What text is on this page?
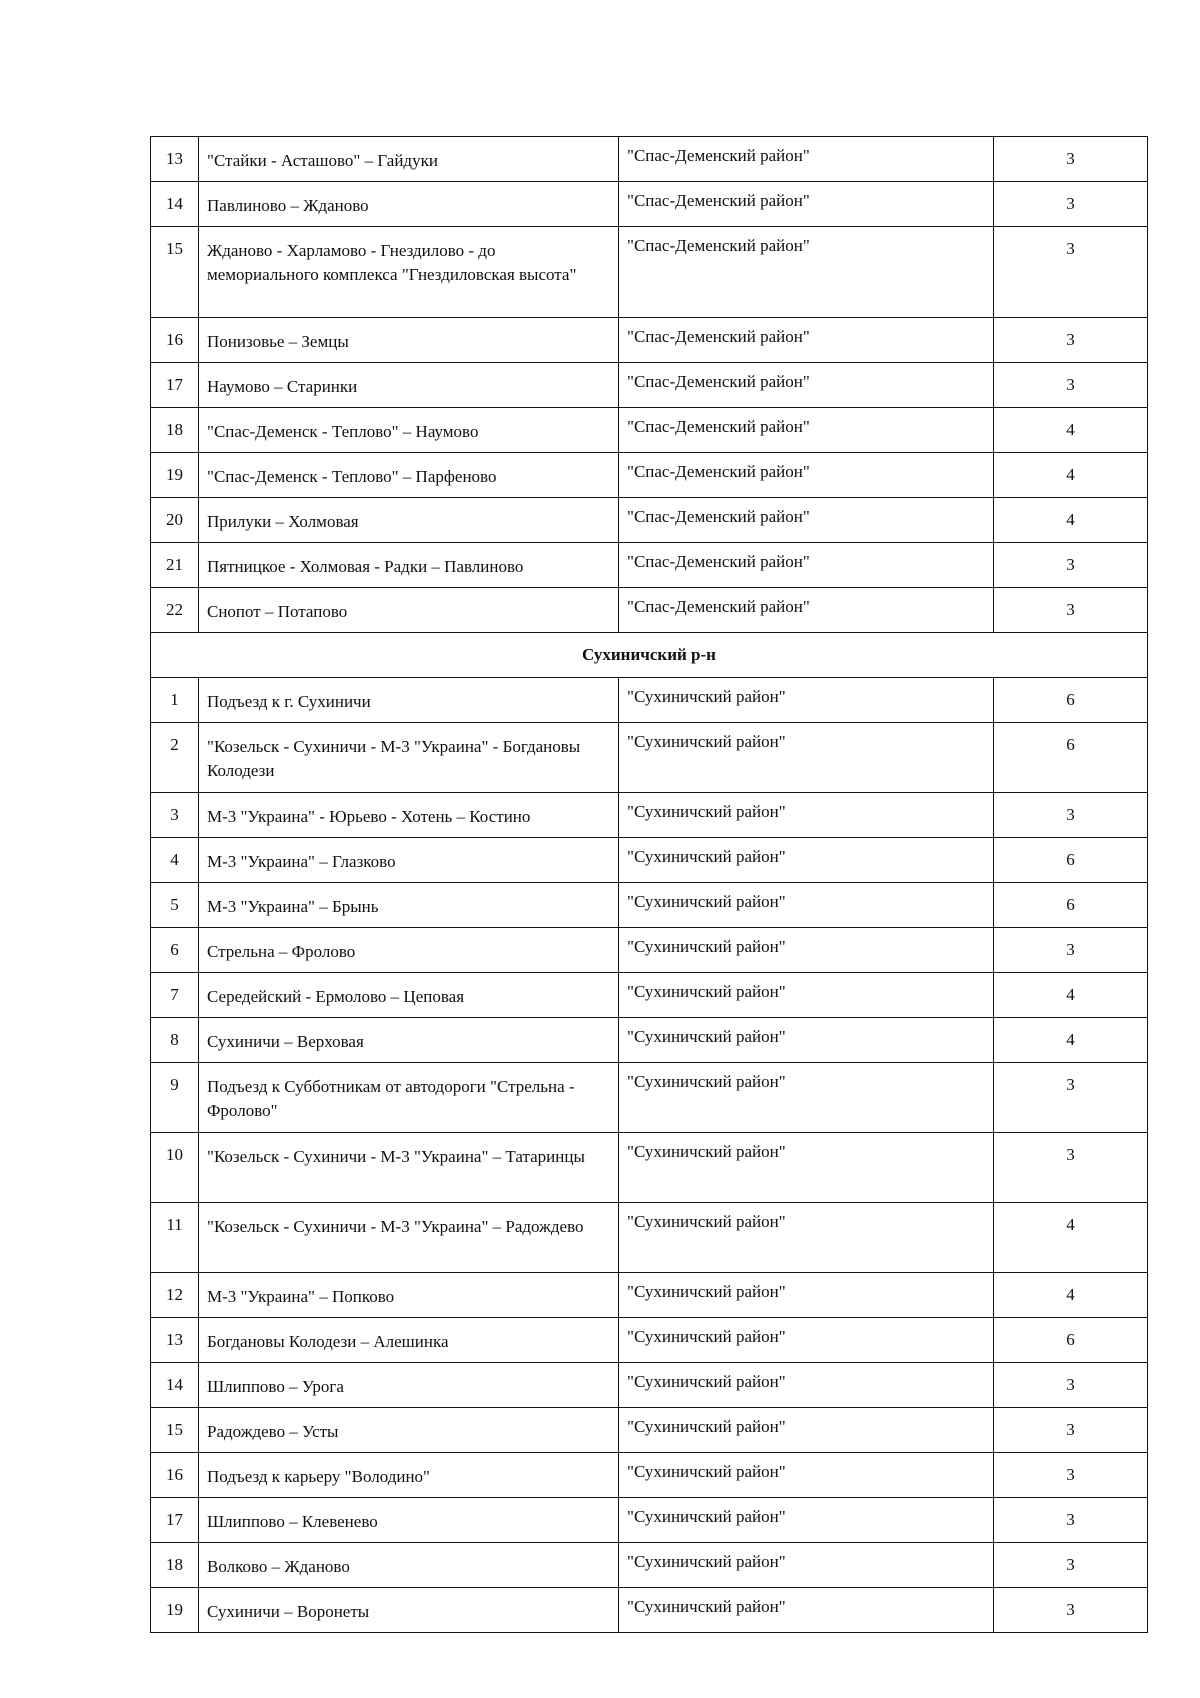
13	"Стайки - Асташово" – Гайдуки	"Спас-Деменский район"	3
14	Павлиново – Жданово	"Спас-Деменский район"	3
15	Жданово - Харламово - Гнездилово - до мемориального комплекса "Гнездиловская высота"	"Спас-Деменский район"	3
16	Понизовье – Земцы	"Спас-Деменский район"	3
17	Наумово – Старинки	"Спас-Деменский район"	3
18	"Спас-Деменск - Теплово" – Наумово	"Спас-Деменский район"	4
19	"Спас-Деменск - Теплово" – Парфеново	"Спас-Деменский район"	4
20	Прилуки – Холмовая	"Спас-Деменский район"	4
21	Пятницкое - Холмовая - Радки – Павлиново	"Спас-Деменский район"	3
22	Снопот – Потапово	"Спас-Деменский район"	3
Сухиничский р-н			
1	Подъезд к г. Сухиничи	"Сухиничский район"	6
2	"Козельск - Сухиничи - М-3 "Украина" - Богдановы Колодези	"Сухиничский район"	6
3	М-3 "Украина" - Юрьево - Хотень – Костино	"Сухиничский район"	3
4	М-3 "Украина" – Глазково	"Сухиничский район"	6
5	М-3 "Украина" – Брынь	"Сухиничский район"	6
6	Стрельна – Фролово	"Сухиничский район"	3
7	Середейский - Ермолово – Цеповая	"Сухиничский район"	4
8	Сухиничи – Верховая	"Сухиничский район"	4
9	Подъезд к Субботникам от автодороги "Стрельна - Фролово"	"Сухиничский район"	3
10	"Козельск - Сухиничи - М-3 "Украина" – Татаринцы	"Сухиничский район"	3
11	"Козельск - Сухиничи - М-3 "Украина" – Радождево	"Сухиничский район"	4
12	М-3 "Украина" – Попково	"Сухиничский район"	4
13	Богдановы Колодези – Алешинка	"Сухиничский район"	6
14	Шлиппово – Урога	"Сухиничский район"	3
15	Радождево – Усты	"Сухиничский район"	3
16	Подъезд к карьеру "Володино"	"Сухиничский район"	3
17	Шлиппово – Клевенево	"Сухиничский район"	3
18	Волково – Жданово	"Сухиничский район"	3
19	Сухиничи – Воронеты	"Сухиничский район"	3
